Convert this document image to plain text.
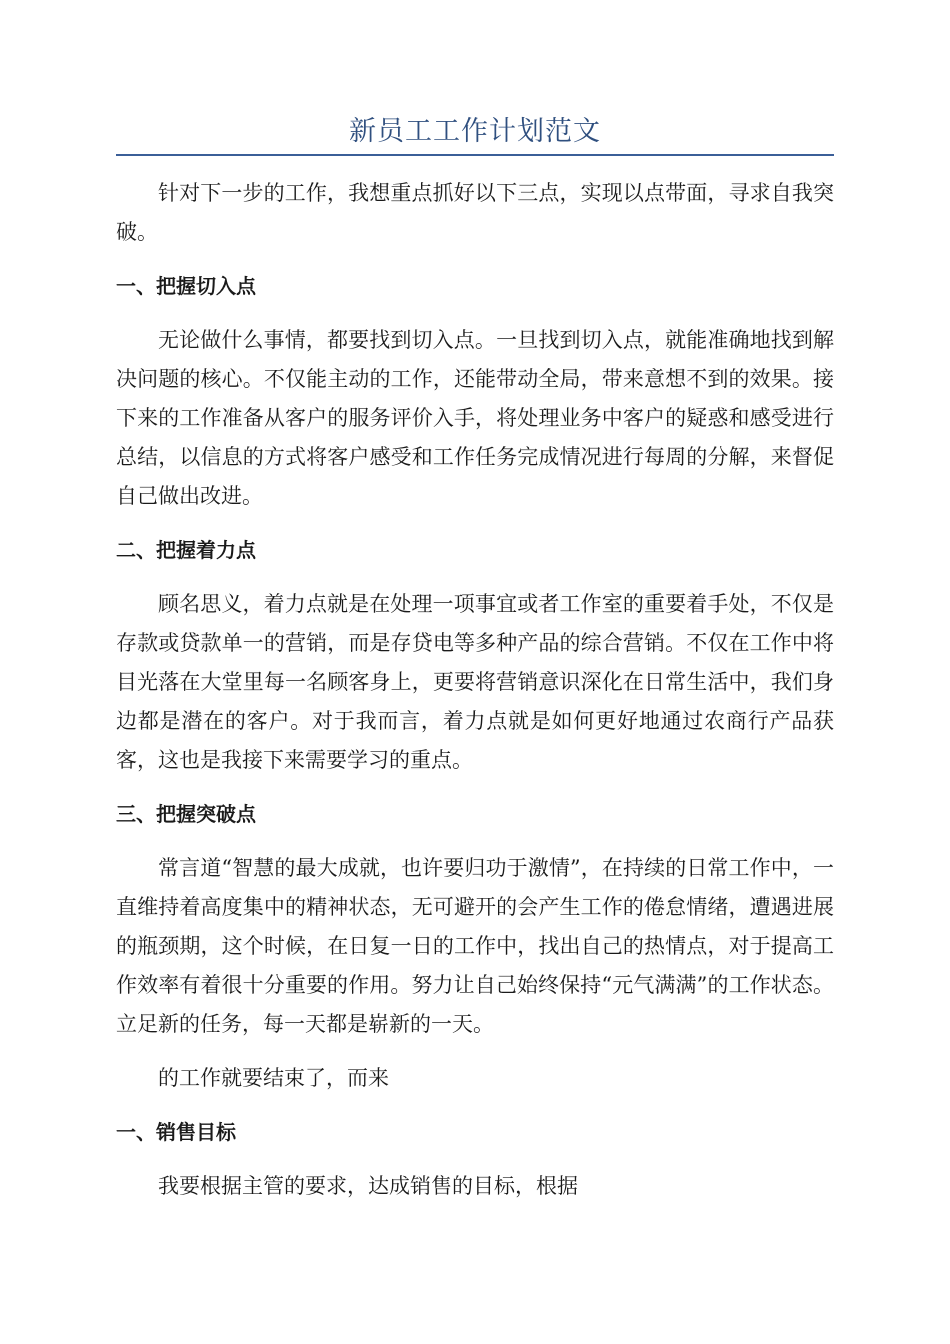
新员工工作计划范文

针对下一步的工作，我想重点抓好以下三点，实现以点带面，寻求自我突破。

一、把握切入点

无论做什么事情，都要找到切入点。一旦找到切入点，就能准确地找到解决问题的核心。不仅能主动的工作，还能带动全局，带来意想不到的效果。接下来的工作准备从客户的服务评价入手，将处理业务中客户的疑惑和感受进行总结，以信息的方式将客户感受和工作任务完成情况进行每周的分解，来督促自己做出改进。

二、把握着力点

顾名思义，着力点就是在处理一项事宜或者工作室的重要着手处，不仅是存款或贷款单一的营销，而是存贷电等多种产品的综合营销。不仅在工作中将目光落在大堂里每一名顾客身上，更要将营销意识深化在日常生活中，我们身边都是潜在的客户。对于我而言，着力点就是如何更好地通过农商行产品获客，这也是我接下来需要学习的重点。

三、把握突破点

常言道“智慧的最大成就，也许要归功于激情”，在持续的日常工作中，一直维持着高度集中的精神状态，无可避开的会产生工作的倦怠情绪，遭遇进展的瓶颈期，这个时候，在日复一日的工作中，找出自己的热情点，对于提高工作效率有着很十分重要的作用。努力让自己始终保持“元气满满”的工作状态。立足新的任务，每一天都是崭新的一天。

的工作就要结束了，而来

一、销售目标

我要根据主管的要求，达成销售的目标，根据
